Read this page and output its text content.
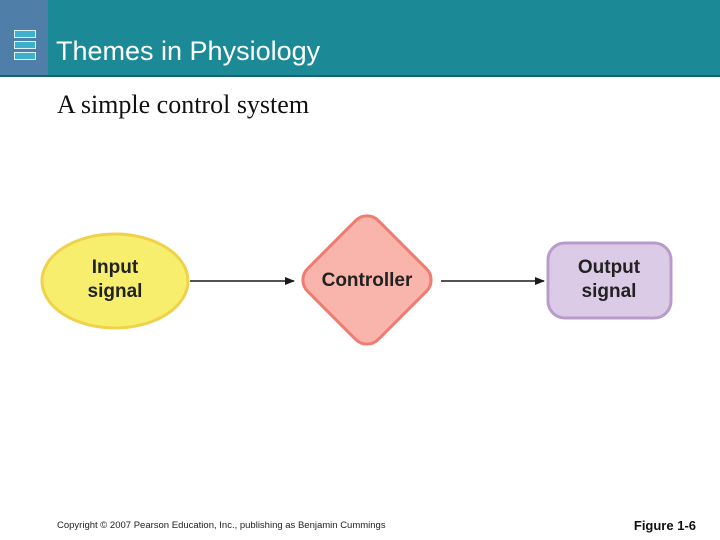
Themes in Physiology
A simple control system
Input
signal
Controller
Output
signal
Copyright © 2007 Pearson Education, Inc., publishing as Benjamin Cummings	Figure 1-6
